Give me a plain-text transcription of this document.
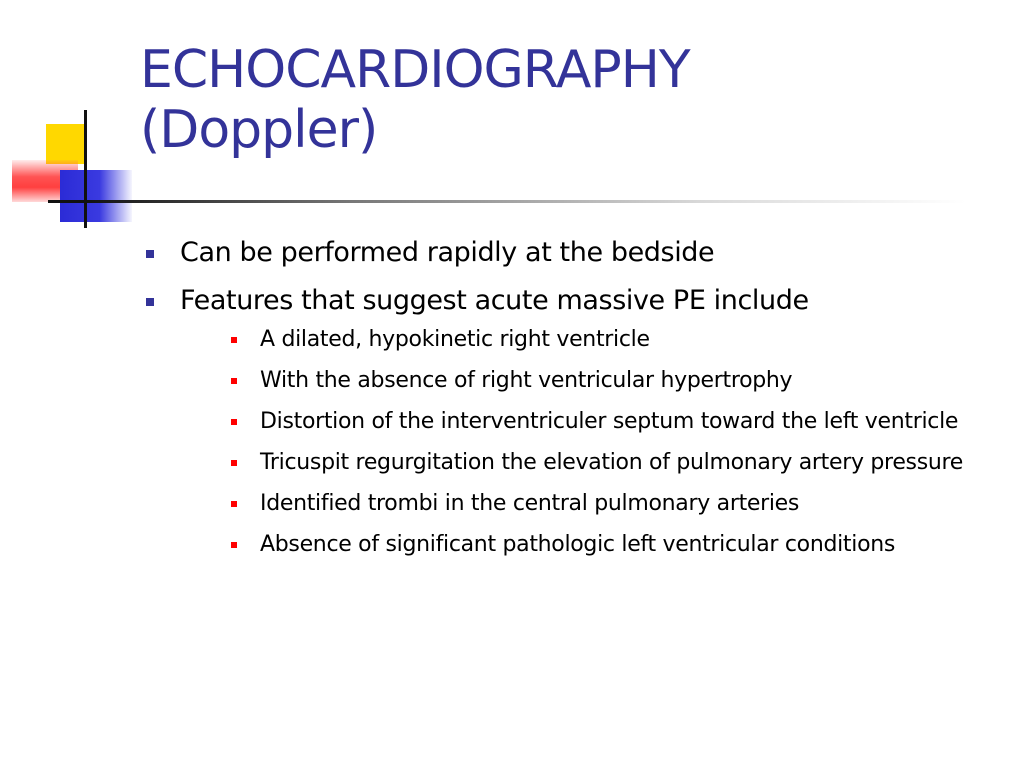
ECHOCARDIOGRAPHY
(Doppler)
Can be performed rapidly at the bedside
Features that suggest acute massive PE include
A dilated, hypokinetic right ventricle
With the absence of right ventricular hypertrophy
Distortion of the interventriculer septum toward the left ventricle
Tricuspit regurgitation the elevation of pulmonary artery pressure
Identified trombi in the central pulmonary arteries
Absence of significant pathologic left ventricular conditions
